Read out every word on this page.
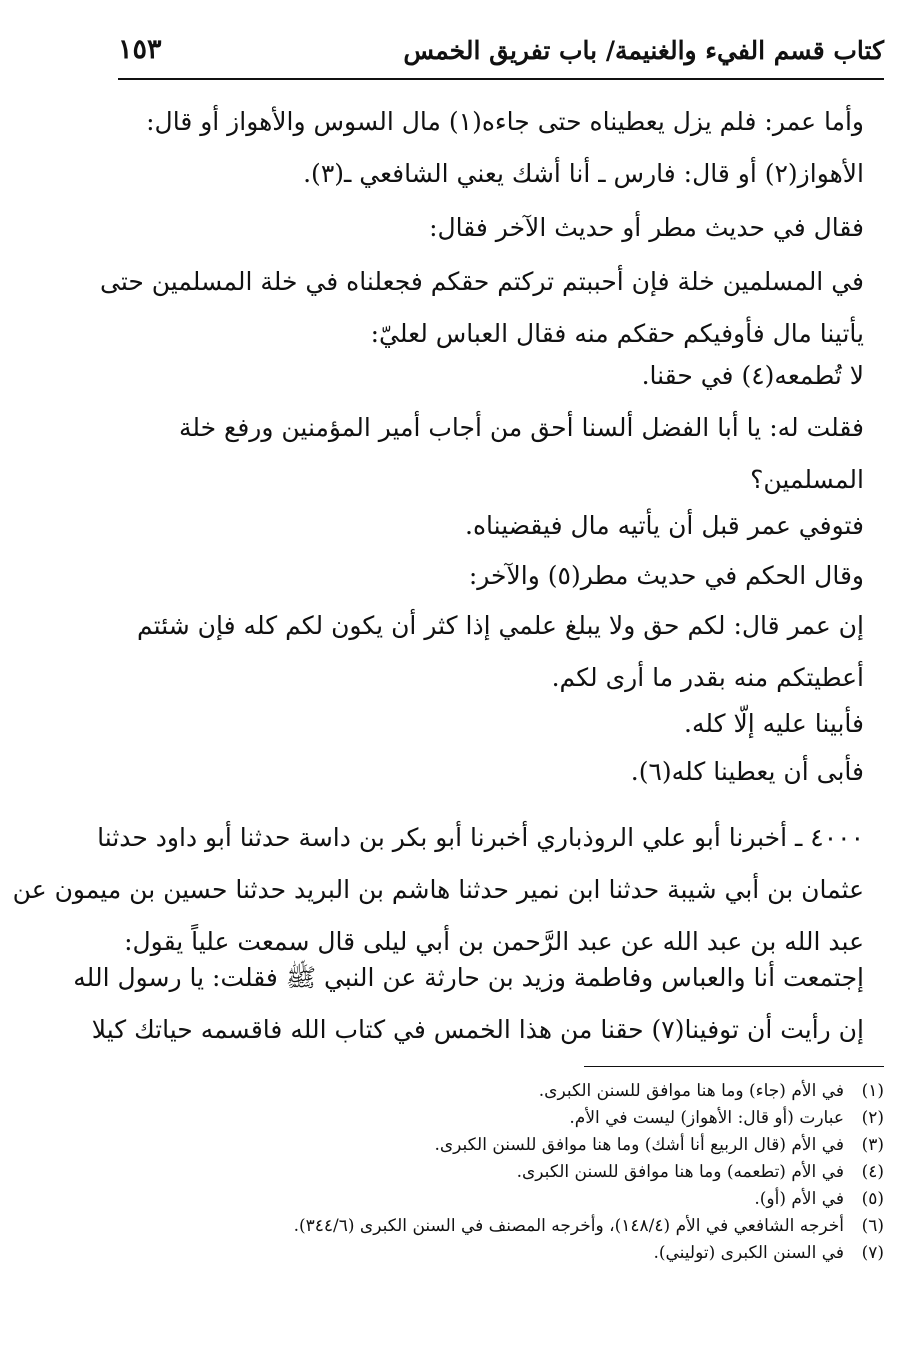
كتاب قسم الفيء والغنيمة/ باب تفريق الخمس
١٥٣
وأما عمر: فلم يزل يعطيناه حتى جاءه(١) مال السوس والأهواز أو قال:
الأهواز(٢) أو قال: فارس ـ أنا أشك يعني الشافعي ـ(٣).
فقال في حديث مطر أو حديث الآخر فقال:
في المسلمين خلة فإن أحببتم تركتم حقكم فجعلناه في خلة المسلمين حتى
يأتينا مال فأوفيكم حقكم منه فقال العباس لعليّ:
لا تُطمعه(٤) في حقنا.
فقلت له: يا أبا الفضل ألسنا أحق من أجاب أمير المؤمنين ورفع خلة
المسلمين؟
فتوفي عمر قبل أن يأتيه مال فيقضيناه.
وقال الحكم في حديث مطر(٥) والآخر:
إن عمر قال: لكم حق ولا يبلغ علمي إذا كثر أن يكون لكم كله فإن شئتم
أعطيتكم منه بقدر ما أرى لكم.
فأبينا عليه إلّا كله.
فأبى أن يعطينا كله(٦).
٤٠٠٠ ـ أخبرنا أبو علي الروذباري أخبرنا أبو بكر بن داسة حدثنا أبو داود حدثنا
عثمان بن أبي شيبة حدثنا ابن نمير حدثنا هاشم بن البريد حدثنا حسين بن ميمون عن
عبد الله بن عبد الله عن عبد الرَّحمن بن أبي ليلى قال سمعت علياً يقول:
إجتمعت أنا والعباس وفاطمة وزيد بن حارثة عن النبي ﷺ فقلت: يا رسول الله
إن رأيت أن توفينا(٧) حقنا من هذا الخمس في كتاب الله فاقسمه حياتك كيلا
(١)
في الأم (جاء) وما هنا موافق للسنن الكبرى.
(٢)
عبارت (أو قال: الأهواز) ليست في الأم.
(٣)
في الأم (قال الربيع أنا أشك) وما هنا موافق للسنن الكبرى.
(٤)
في الأم (تطعمه) وما هنا موافق للسنن الكبرى.
(٥)
في الأم (أو).
(٦)
أخرجه الشافعي في الأم (١٤٨/٤)، وأخرجه المصنف في السنن الكبرى (٣٤٤/٦).
(٧)
في السنن الكبرى (توليني).
